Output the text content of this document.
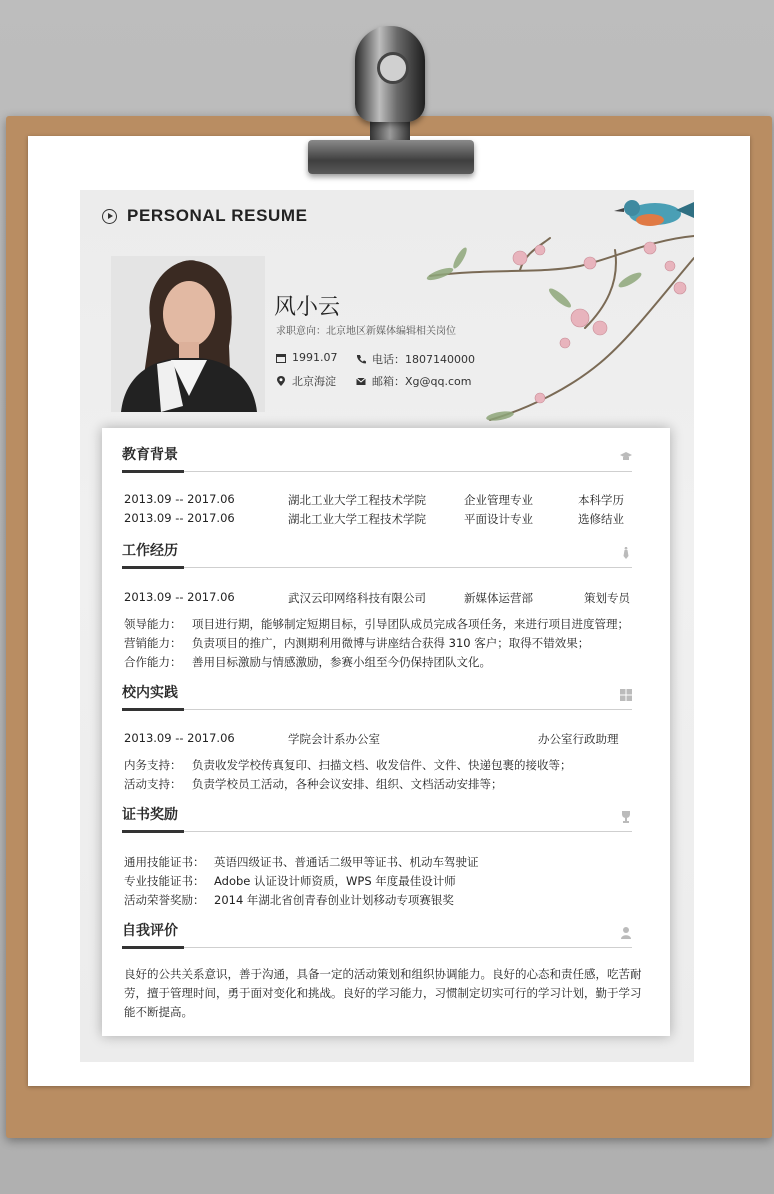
PERSONAL RESUME
风小云
求职意向：北京地区新媒体编辑相关岗位
1991.07	电话：1807140000
北京海淀	邮箱：Xg@qq.com
教育背景
2013.09 -- 2017.06	湖北工业大学工程技术学院	企业管理专业	本科学历
2013.09 -- 2017.06	湖北工业大学工程技术学院	平面设计专业	选修结业
工作经历
2013.09 -- 2017.06	武汉云印网络科技有限公司	新媒体运营部	策划专员
领导能力： 项目进行期，能够制定短期目标，引导团队成员完成各项任务，来进行项目进度管理；
营销能力： 负责项目的推广，内测期利用微博与讲座结合获得 310 客户；取得不错效果；
合作能力： 善用目标激励与情感激励，参赛小组至今仍保持团队文化。
校内实践
2013.09 -- 2017.06	学院会计系办公室	办公室行政助理
内务支持： 负责收发学校传真复印、扫描文档、收发信件、文件、快递包裹的接收等；
活动支持： 负责学校员工活动，各种会议安排、组织、文档活动安排等；
证书奖励
通用技能证书： 英语四级证书、普通话二级甲等证书、机动车驾驶证
专业技能证书： Adobe 认证设计师资质，WPS 年度最佳设计师
活动荣誉奖励： 2014 年湖北省创青春创业计划移动专项赛银奖
自我评价
良好的公共关系意识，善于沟通，具备一定的活动策划和组织协调能力。良好的心态和责任感，吃苦耐
劳，擅于管理时间，勇于面对变化和挑战。良好的学习能力，习惯制定切实可行的学习计划，勤于学习
能不断提高。
